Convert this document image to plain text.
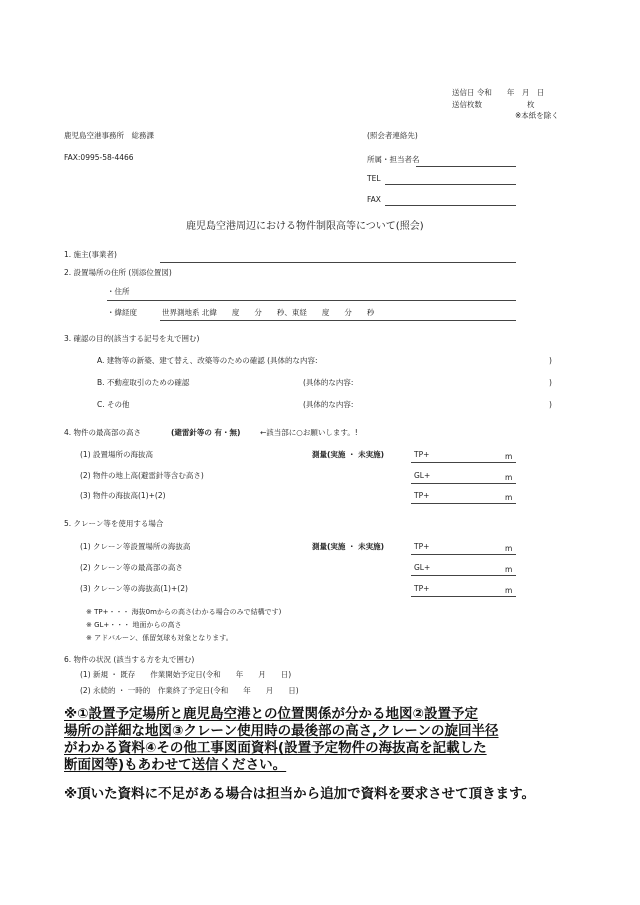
送信日 令和　　年　月　日
送信枚数　　　　　　枚
※本紙を除く
鹿児島空港事務所　総務課
FAX:0995-58-4466
(照会者連絡先)
所属・担当者名
TEL
FAX
鹿児島空港周辺における物件制限高等について(照会)
1. 施主(事業者)
2. 設置場所の住所 (別添位置図)
・住所
・緯経度	世界測地系 北緯　　度　　分　　秒、東経　　度　　分　　秒
3. 確認の目的(該当する記号を丸で囲む)
A. 建物等の新築、建て替え、改築等のための確認 (具体的な内容:	)
B. 不動産取引のための確認	(具体的な内容:	)
C. その他	(具体的な内容:	)
4. 物件の最高部の高さ	(避雷針等の 有・無)	←該当部に○お願いします。!
(1) 設置場所の海抜高	測量(実施 ・ 未実施)	TP+	m
(2) 物件の地上高(避雷針等含む高さ)	GL+	m
(3) 物件の海抜高(1)+(2)	TP+	m
5. クレーン等を使用する場合
(1) クレーン等設置場所の海抜高	測量(実施 ・ 未実施)	TP+	m
(2) クレーン等の最高部の高さ	GL+	m
(3) クレーン等の海抜高(1)+(2)	TP+	m
※ TP+・・・ 海抜0mからの高さ(わかる場合のみで結構です)
※ GL+・・・ 地面からの高さ
※ アドバルーン、係留気球も対象となります。
6. 物件の状況 (該当する方を丸で囲む)
(1) 新規 ・ 既存　　作業開始予定日(令和　　年　　月　　日)
(2) 永続的 ・ 一時的　作業終了予定日(令和　　年　　月　　日)
※①設置予定場所と鹿児島空港との位置関係が分かる地図②設置予定
場所の詳細な地図③クレーン使用時の最後部の高さ,クレーンの旋回半径
がわかる資料④その他工事図面資料(設置予定物件の海抜高を記載した
断面図等)もあわせて送信ください。
※頂いた資料に不足がある場合は担当から追加で資料を要求させて頂きます。
